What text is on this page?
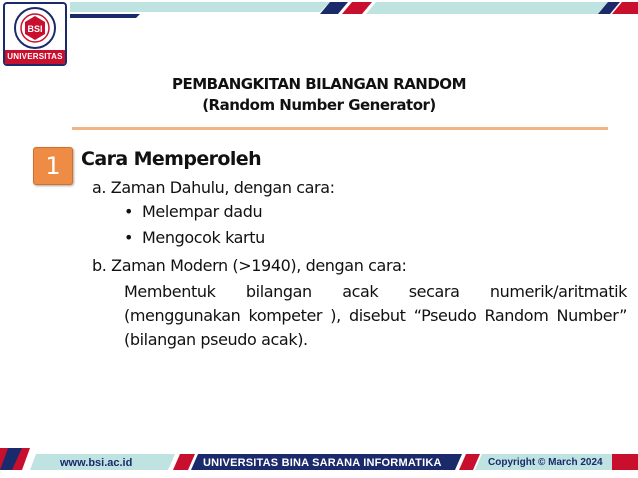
BSI
UNIVERSITAS
PEMBANGKITAN BILANGAN RANDOM
(Random Number Generator)
1	Cara Memperoleh
a. Zaman Dahulu, dengan cara:
• Melempar dadu
• Mengocok kartu
b. Zaman Modern (>1940), dengan cara:
Membentuk bilangan acak secara numerik/aritmatik (menggunakan kompeter ), disebut “Pseudo Random Number” (bilangan pseudo acak).
www.bsi.ac.id	UNIVERSITAS BINA SARANA INFORMATIKA	Copyright © March 2024
